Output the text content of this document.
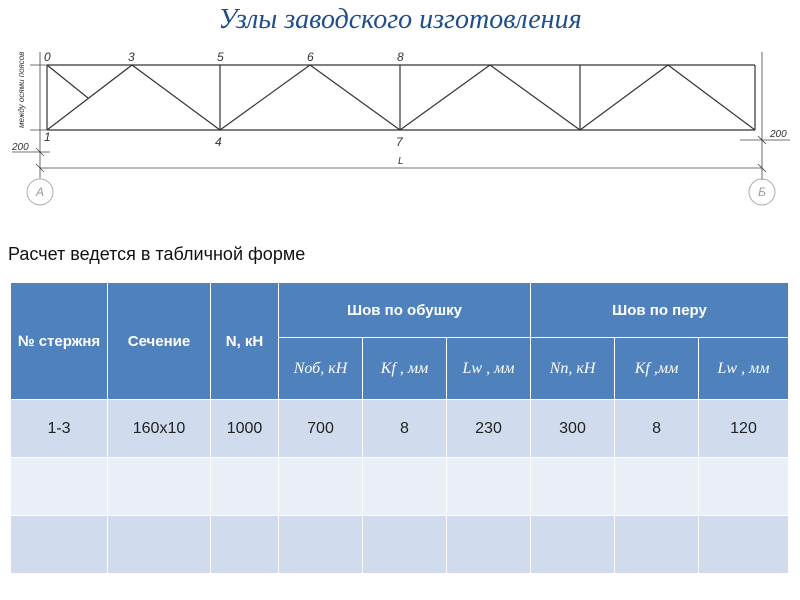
Узлы заводского изготовления
0
1
3
4
5	6
7
8
200
200
L
между осями поясов
А	Б
Расчет ведется в табличной форме
№ стержня	Сечение	N, кН	Шов по обушку			Шов по перу		
			Nоб, кН	Kf , мм	Lw , мм	Nп, кН	Kf ,мм	Lw , мм
1-3	160х10	1000	700	8	230	300	8	120
